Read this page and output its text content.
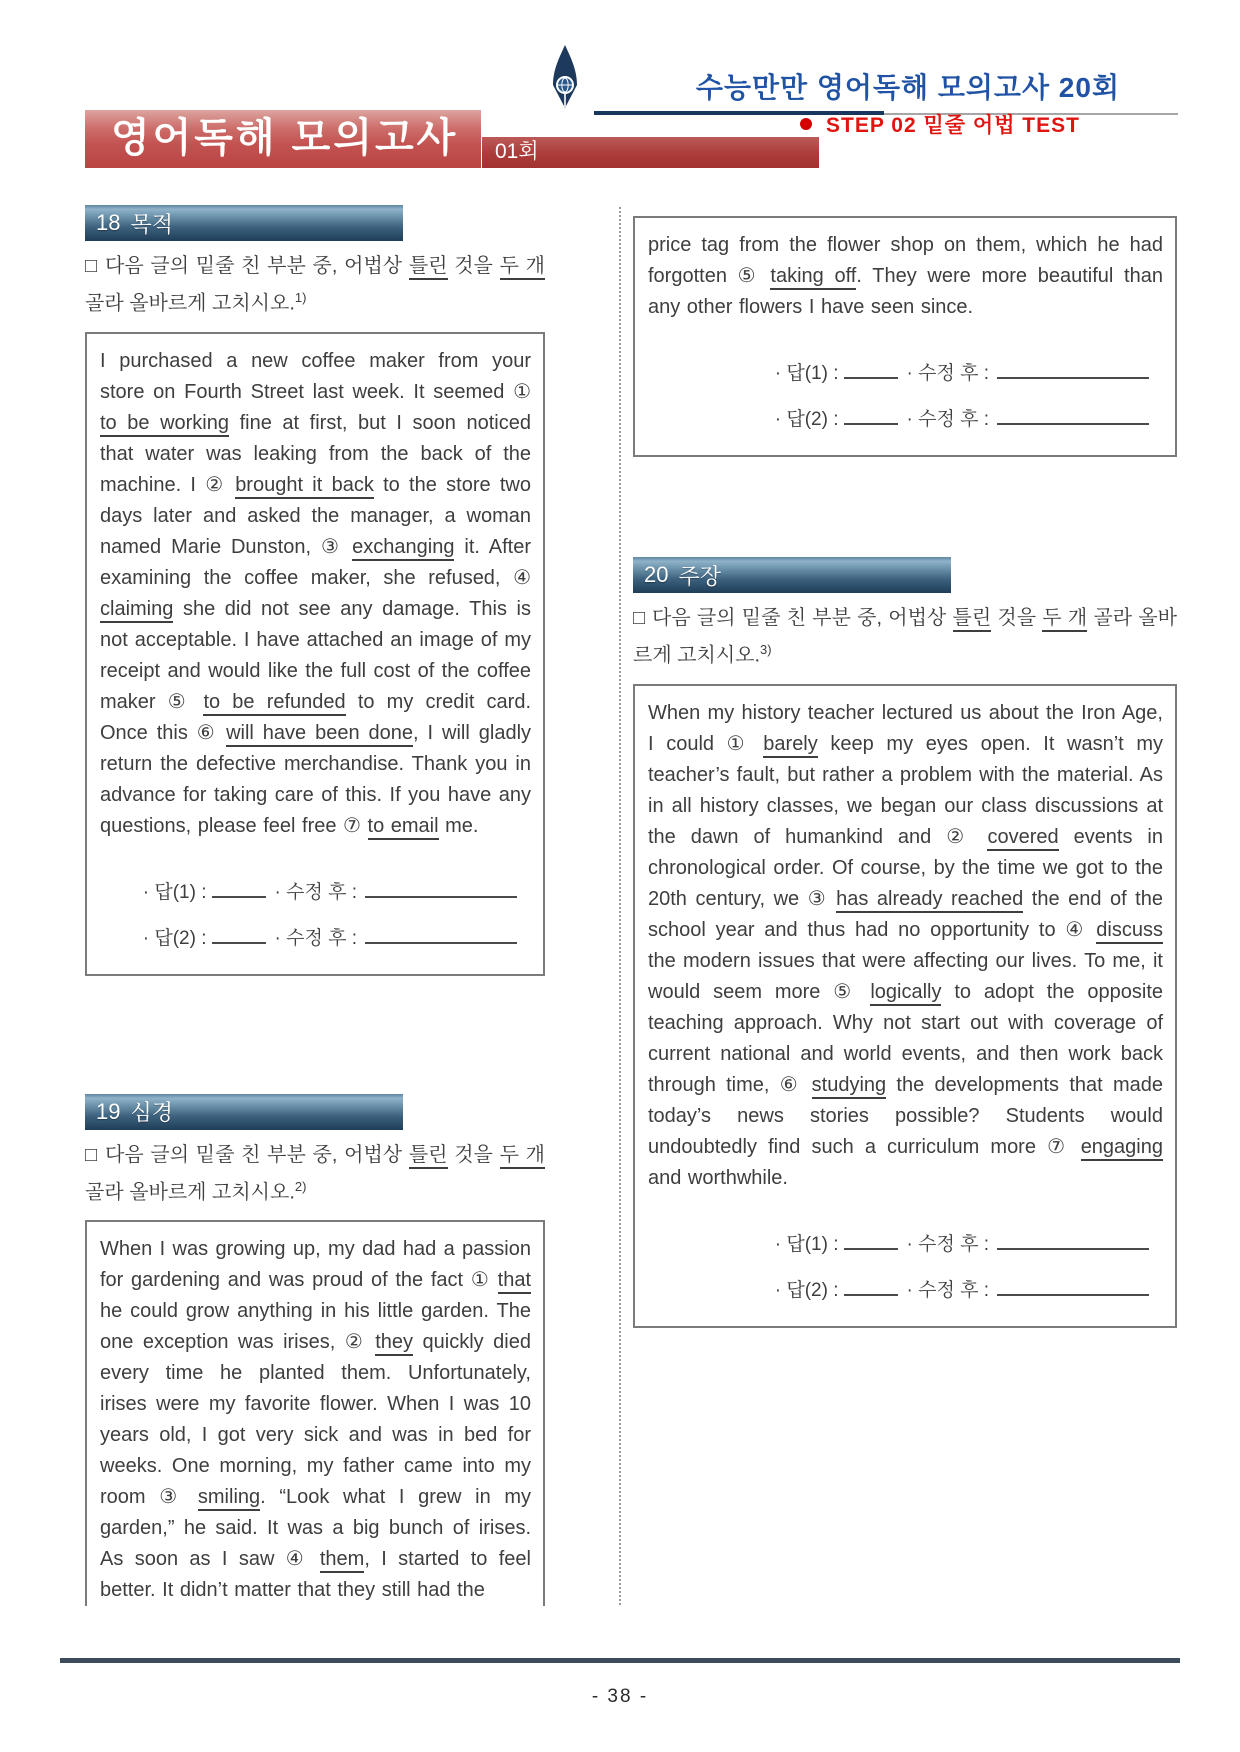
수능만만 영어독해 모의고사 20회
STEP 02 밑줄 어법 TEST
영어독해 모의고사	01회
18 목적

□ 다음 글의 밑줄 친 부분 중, 어법상 틀린 것을 두 개 골라 올바르게 고치시오.$^{1)}$

I purchased a new coffee maker from your store on Fourth Street last week. It seemed ① to be working fine at first, but I soon noticed that water was leaking from the back of the machine. I ② brought it back to the store two days later and asked the manager, a woman named Marie Dunston, ③ exchanging it. After examining the coffee maker, she refused, ④ claiming she did not see any damage. This is not acceptable. I have attached an image of my receipt and would like the full cost of the coffee maker ⑤ to be refunded to my credit card. Once this ⑥ will have been done, I will gladly return the defective merchandise. Thank you in advance for taking care of this. If you have any questions, please feel free ⑦ to email me.

· 답(1) :	· 수정 후 :
· 답(2) :	· 수정 후 :
19 심경

□ 다음 글의 밑줄 친 부분 중, 어법상 틀린 것을 두 개 골라 올바르게 고치시오.$^{2)}$

When I was growing up, my dad had a passion for gardening and was proud of the fact ① that he could grow anything in his little garden. The one exception was irises, ② they quickly died every time he planted them. Unfortunately, irises were my favorite flower. When I was 10 years old, I got very sick and was in bed for weeks. One morning, my father came into my room ③ smiling. “Look what I grew in my garden,” he said. It was a big bunch of irises. As soon as I saw ④ them, I started to feel better. It didn’t matter that they still had the

price tag from the flower shop on them, which he had forgotten ⑤ taking off. They were more beautiful than any other flowers I have seen since.

· 답(1) :	· 수정 후 :
· 답(2) :	· 수정 후 :
20 주장

□ 다음 글의 밑줄 친 부분 중, 어법상 틀린 것을 두 개 골라 올바르게 고치시오.$^{3)}$

When my history teacher lectured us about the Iron Age, I could ① barely keep my eyes open. It wasn’t my teacher’s fault, but rather a problem with the material. As in all history classes, we began our class discussions at the dawn of humankind and ② covered events in chronological order. Of course, by the time we got to the 20th century, we ③ has already reached the end of the school year and thus had no opportunity to ④ discuss the modern issues that were affecting our lives. To me, it would seem more ⑤ logically to adopt the opposite teaching approach. Why not start out with coverage of current national and world events, and then work back through time, ⑥ studying the developments that made today’s news stories possible? Students would undoubtedly find such a curriculum more ⑦ engaging and worthwhile.

· 답(1) :	· 수정 후 :
· 답(2) :	· 수정 후 :
- 38 -
